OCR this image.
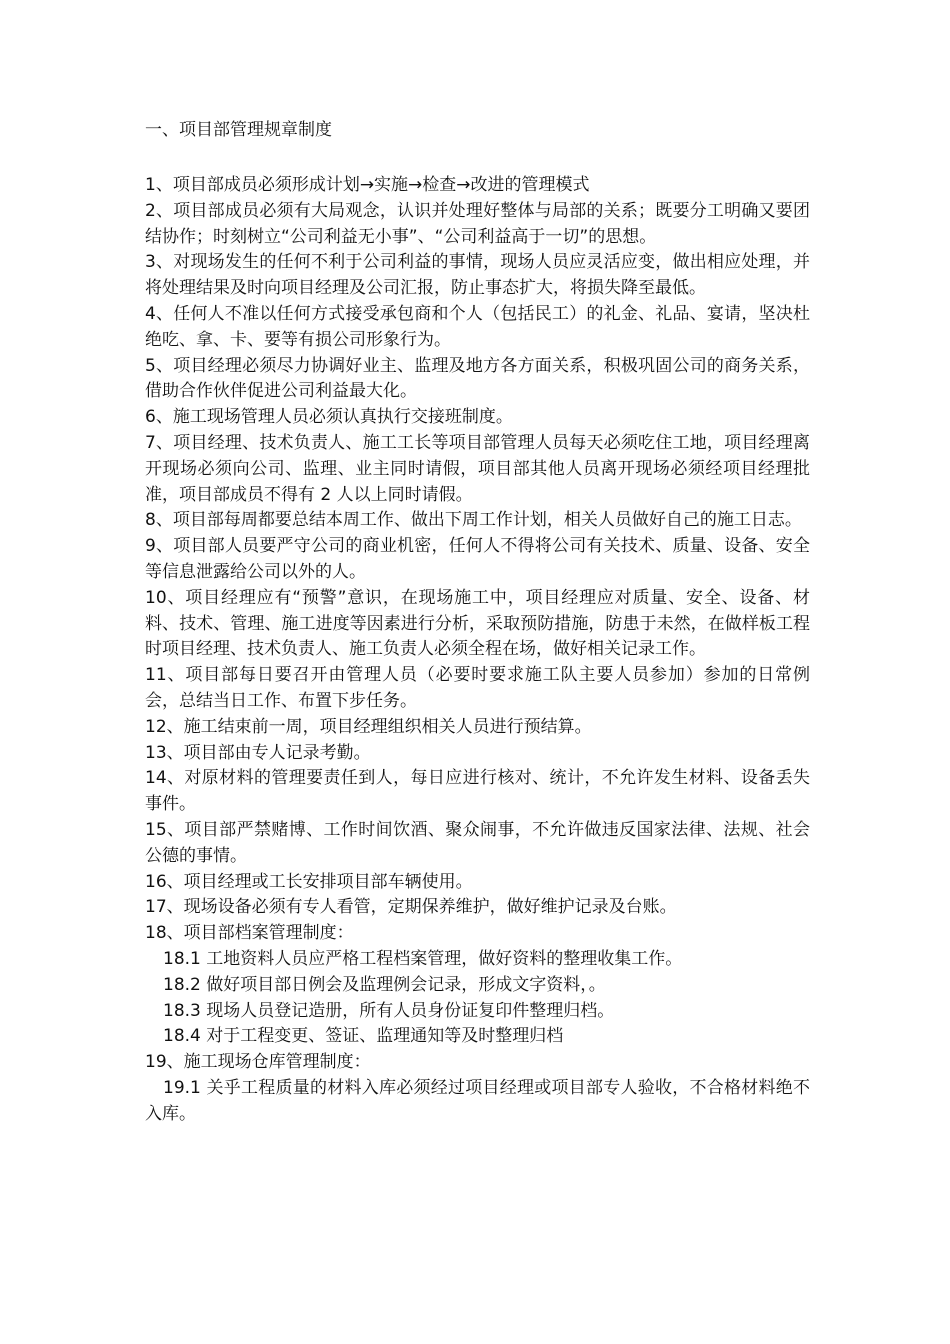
一、项目部管理规章制度

1、项目部成员必须形成计划→实施→检查→改进的管理模式

2、项目部成员必须有大局观念，认识并处理好整体与局部的关系；既要分工明确又要团结协作；时刻树立“公司利益无小事”、“公司利益高于一切”的思想。

3、对现场发生的任何不利于公司利益的事情，现场人员应灵活应变，做出相应处理，并将处理结果及时向项目经理及公司汇报，防止事态扩大，将损失降至最低。

4、任何人不准以任何方式接受承包商和个人（包括民工）的礼金、礼品、宴请，坚决杜绝吃、拿、卡、要等有损公司形象行为。

5、项目经理必须尽力协调好业主、监理及地方各方面关系，积极巩固公司的商务关系，借助合作伙伴促进公司利益最大化。

6、施工现场管理人员必须认真执行交接班制度。

7、项目经理、技术负责人、施工工长等项目部管理人员每天必须吃住工地，项目经理离开现场必须向公司、监理、业主同时请假，项目部其他人员离开现场必须经项目经理批准，项目部成员不得有 2 人以上同时请假。

8、项目部每周都要总结本周工作、做出下周工作计划，相关人员做好自己的施工日志。

9、项目部人员要严守公司的商业机密，任何人不得将公司有关技术、质量、设备、安全等信息泄露给公司以外的人。

10、项目经理应有“预警”意识，在现场施工中，项目经理应对质量、安全、设备、材料、技术、管理、施工进度等因素进行分析，采取预防措施，防患于未然，在做样板工程时项目经理、技术负责人、施工负责人必须全程在场，做好相关记录工作。

11、项目部每日要召开由管理人员（必要时要求施工队主要人员参加）参加的日常例会，总结当日工作、布置下步任务。

12、施工结束前一周，项目经理组织相关人员进行预结算。

13、项目部由专人记录考勤。

14、对原材料的管理要责任到人，每日应进行核对、统计，不允许发生材料、设备丢失事件。

15、项目部严禁赌博、工作时间饮酒、聚众闹事，不允许做违反国家法律、法规、社会公德的事情。

16、项目经理或工长安排项目部车辆使用。

17、现场设备必须有专人看管，定期保养维护，做好维护记录及台账。

18、项目部档案管理制度：

18.1 工地资料人员应严格工程档案管理，做好资料的整理收集工作。

18.2 做好项目部日例会及监理例会记录，形成文字资料，。

18.3 现场人员登记造册，所有人员身份证复印件整理归档。

18.4 对于工程变更、签证、监理通知等及时整理归档

19、施工现场仓库管理制度：

19.1 关乎工程质量的材料入库必须经过项目经理或项目部专人验收，不合格材料绝不入库。
